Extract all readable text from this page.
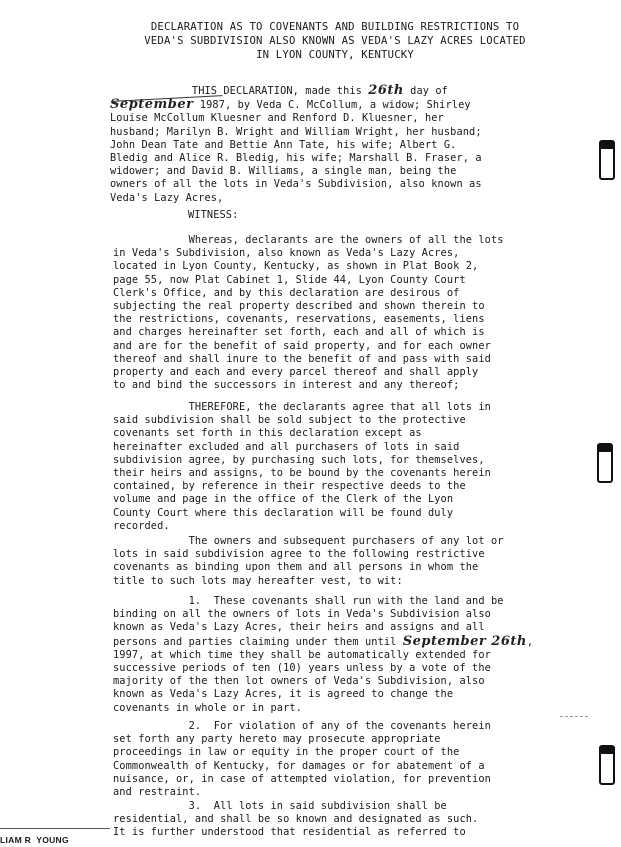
DECLARATION AS TO COVENANTS AND BUILDING RESTRICTIONS TO
VEDA'S SUBDIVISION ALSO KNOWN AS VEDA'S LAZY ACRES LOCATED
IN LYON COUNTY, KENTUCKY
THIS DECLARATION, made this 26th day of
September 1987, by Veda C. McCollum, a widow; Shirley
Louise McCollum Kluesner and Renford D. Kluesner, her
husband; Marilyn B. Wright and William Wright, her husband;
John Dean Tate and Bettie Ann Tate, his wife; Albert G.
Bledig and Alice R. Bledig, his wife; Marshall B. Fraser, a
widower; and David B. Williams, a single man, being the
owners of all the lots in Veda's Subdivision, also known as
Veda's Lazy Acres,
WITNESS:
Whereas, declarants are the owners of all the lots
in Veda's Subdivision, also known as Veda's Lazy Acres,
located in Lyon County, Kentucky, as shown in Plat Book 2,
page 55, now Plat Cabinet 1, Slide 44, Lyon County Court
Clerk's Office, and by this declaration are desirous of
subjecting the real property described and shown therein to
the restrictions, covenants, reservations, easements, liens
and charges hereinafter set forth, each and all of which is
and are for the benefit of said property, and for each owner
thereof and shall inure to the benefit of and pass with said
property and each and every parcel thereof and shall apply
to and bind the successors in interest and any thereof;
THEREFORE, the declarants agree that all lots in
said subdivision shall be sold subject to the protective
covenants set forth in this declaration except as
hereinafter excluded and all purchasers of lots in said
subdivision agree, by purchasing such lots, for themselves,
their heirs and assigns, to be bound by the covenants herein
contained, by reference in their respective deeds to the
volume and page in the office of the Clerk of the Lyon
County Court where this declaration will be found duly
recorded.
The owners and subsequent purchasers of any lot or
lots in said subdivision agree to the following restrictive
covenants as binding upon them and all persons in whom the
title to such lots may hereafter vest, to wit:
1.  These covenants shall run with the land and be
binding on all the owners of lots in Veda's Subdivision also
known as Veda's Lazy Acres, their heirs and assigns and all
persons and parties claiming under them until September 26th,
1997, at which time they shall be automatically extended for
successive periods of ten (10) years unless by a vote of the
majority of the then lot owners of Veda's Subdivision, also
known as Veda's Lazy Acres, it is agreed to change the
covenants in whole or in part.
2.  For violation of any of the covenants herein
set forth any party hereto may prosecute appropriate
proceedings in law or equity in the proper court of the
Commonwealth of Kentucky, for damages or for abatement of a
nuisance, or, in case of attempted violation, for prevention
and restraint.
3.  All lots in said subdivision shall be
residential, and shall be so known and designated as such.
It is further understood that residential as referred to
LIAM R  YOUNG
